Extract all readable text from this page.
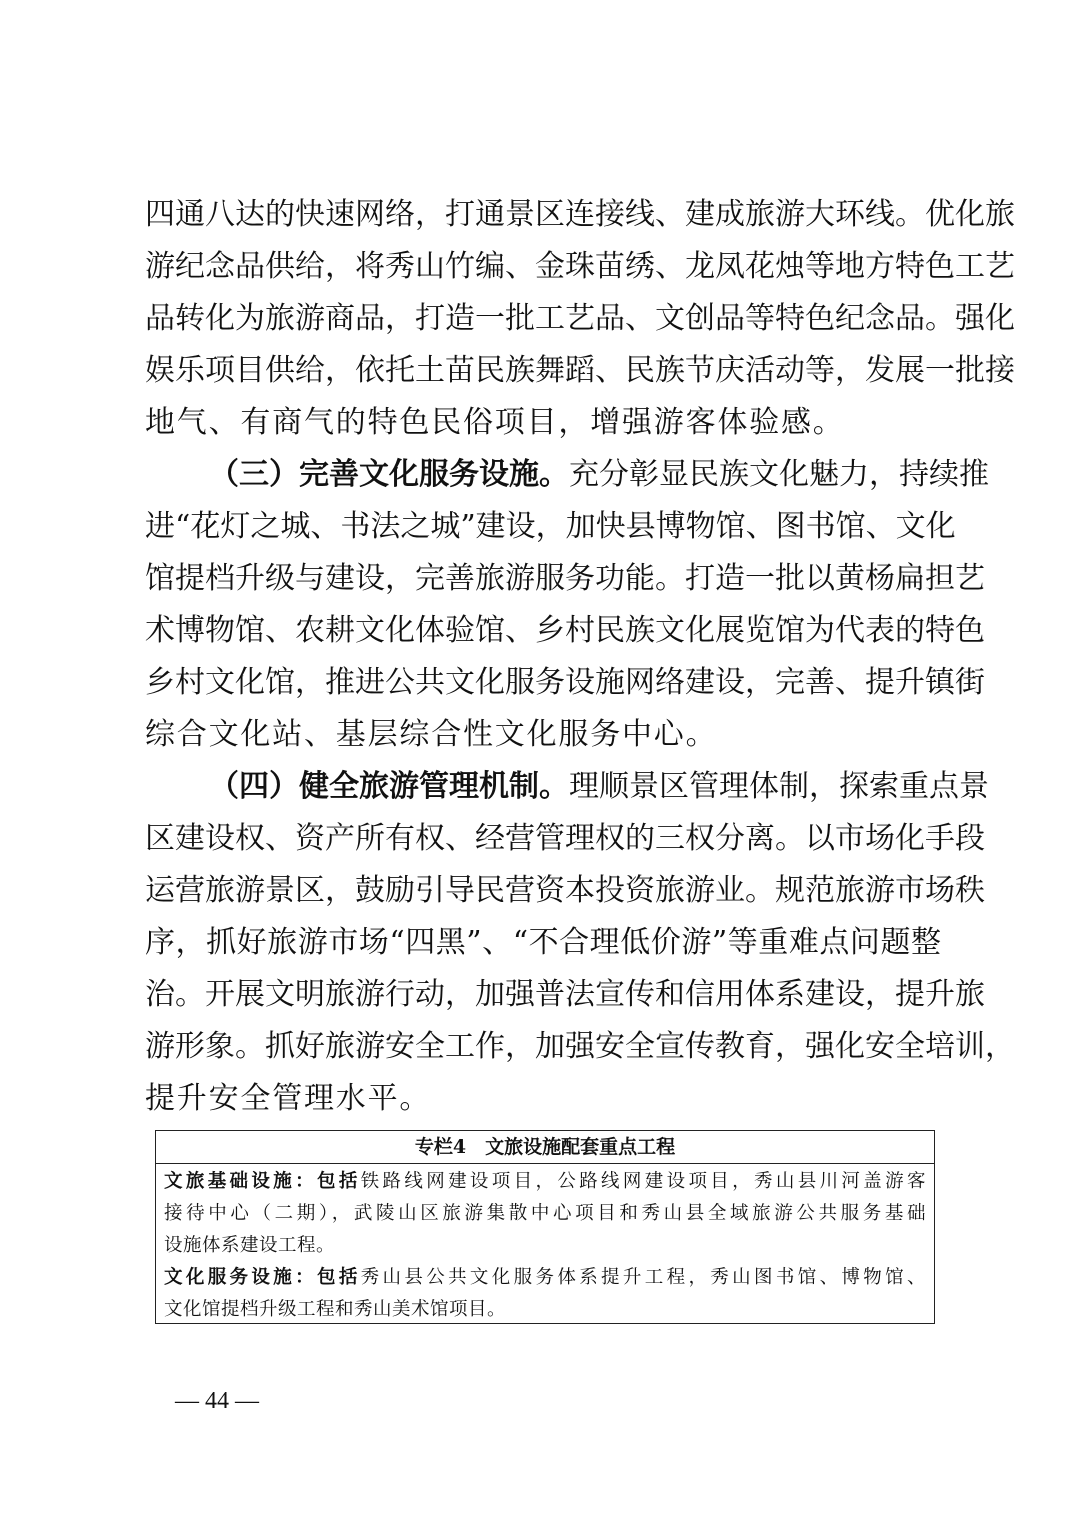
四通八达的快速网络，打通景区连接线、建成旅游大环线。优化旅
游纪念品供给，将秀山竹编、金珠苗绣、龙凤花烛等地方特色工艺
品转化为旅游商品，打造一批工艺品、文创品等特色纪念品。强化
娱乐项目供给，依托土苗民族舞蹈、民族节庆活动等，发展一批接
地气、有商气的特色民俗项目，增强游客体验感。
（三）完善文化服务设施。充分彰显民族文化魅力，持续推
进“花灯之城、书法之城”建设，加快县博物馆、图书馆、文化
馆提档升级与建设，完善旅游服务功能。打造一批以黄杨扁担艺
术博物馆、农耕文化体验馆、乡村民族文化展览馆为代表的特色
乡村文化馆，推进公共文化服务设施网络建设，完善、提升镇街
综合文化站、基层综合性文化服务中心。
（四）健全旅游管理机制。理顺景区管理体制，探索重点景
区建设权、资产所有权、经营管理权的三权分离。以市场化手段
运营旅游景区，鼓励引导民营资本投资旅游业。规范旅游市场秩
序，抓好旅游市场“四黑”、“不合理低价游”等重难点问题整
治。开展文明旅游行动，加强普法宣传和信用体系建设，提升旅
游形象。抓好旅游安全工作，加强安全宣传教育，强化安全培训，
提升安全管理水平。
专栏4　文旅设施配套重点工程
文旅基础设施：包括铁路线网建设项目，公路线网建设项目，秀山县川河盖游客
接待中心（二期），武陵山区旅游集散中心项目和秀山县全域旅游公共服务基础
设施体系建设工程。
文化服务设施：包括秀山县公共文化服务体系提升工程，秀山图书馆、博物馆、
文化馆提档升级工程和秀山美术馆项目。
— 44 —
